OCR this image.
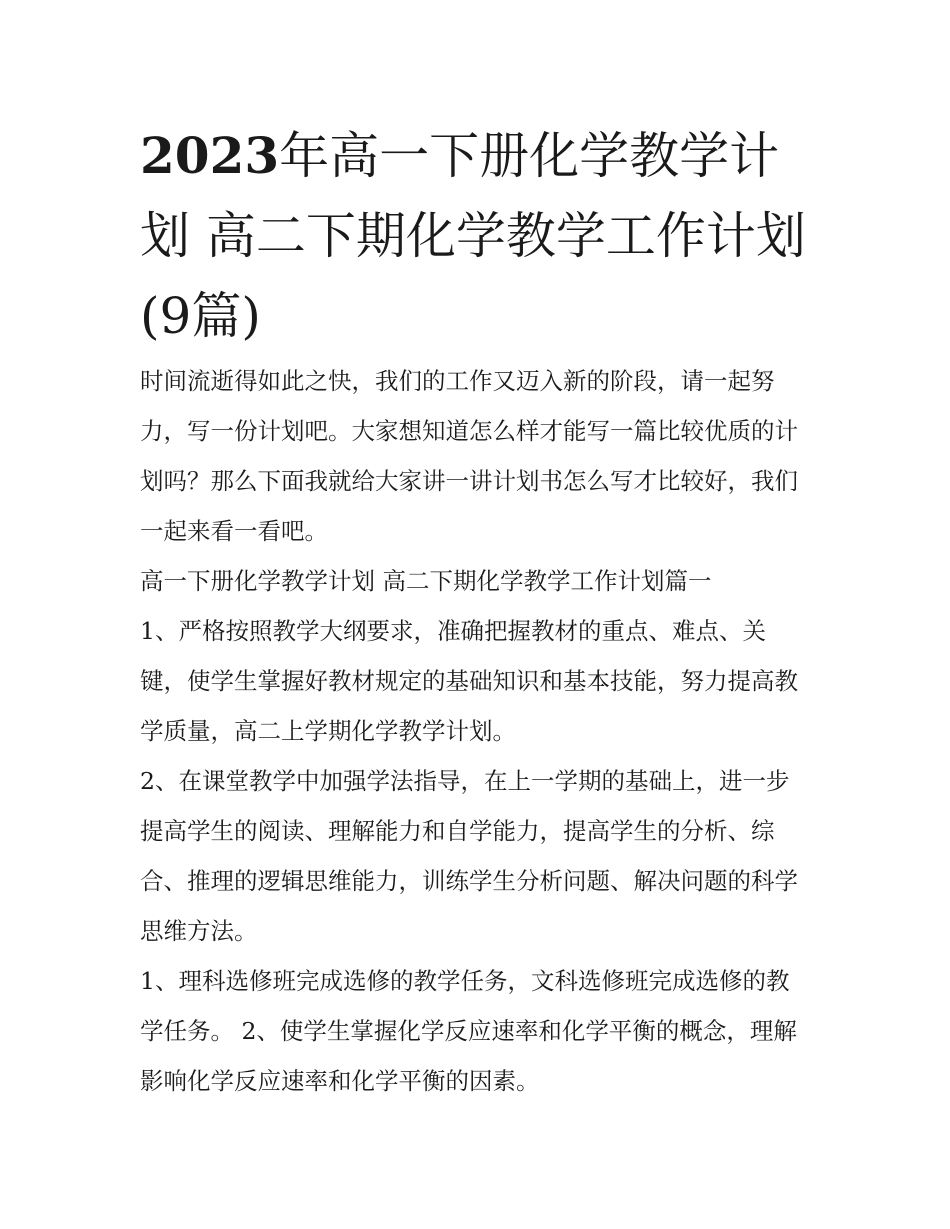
2023年高一下册化学教学计划 高二下期化学教学工作计划(9篇)

时间流逝得如此之快，我们的工作又迈入新的阶段，请一起努力，写一份计划吧。大家想知道怎么样才能写一篇比较优质的计划吗？那么下面我就给大家讲一讲计划书怎么写才比较好，我们一起来看一看吧。

高一下册化学教学计划 高二下期化学教学工作计划篇一

1、严格按照教学大纲要求，准确把握教材的重点、难点、关键，使学生掌握好教材规定的基础知识和基本技能，努力提高教学质量，高二上学期化学教学计划。

2、在课堂教学中加强学法指导，在上一学期的基础上，进一步提高学生的阅读、理解能力和自学能力，提高学生的分析、综合、推理的逻辑思维能力，训练学生分析问题、解决问题的科学思维方法。

1、理科选修班完成选修的教学任务，文科选修班完成选修的教学任务。 2、使学生掌握化学反应速率和化学平衡的概念，理解影响化学反应速率和化学平衡的因素。
